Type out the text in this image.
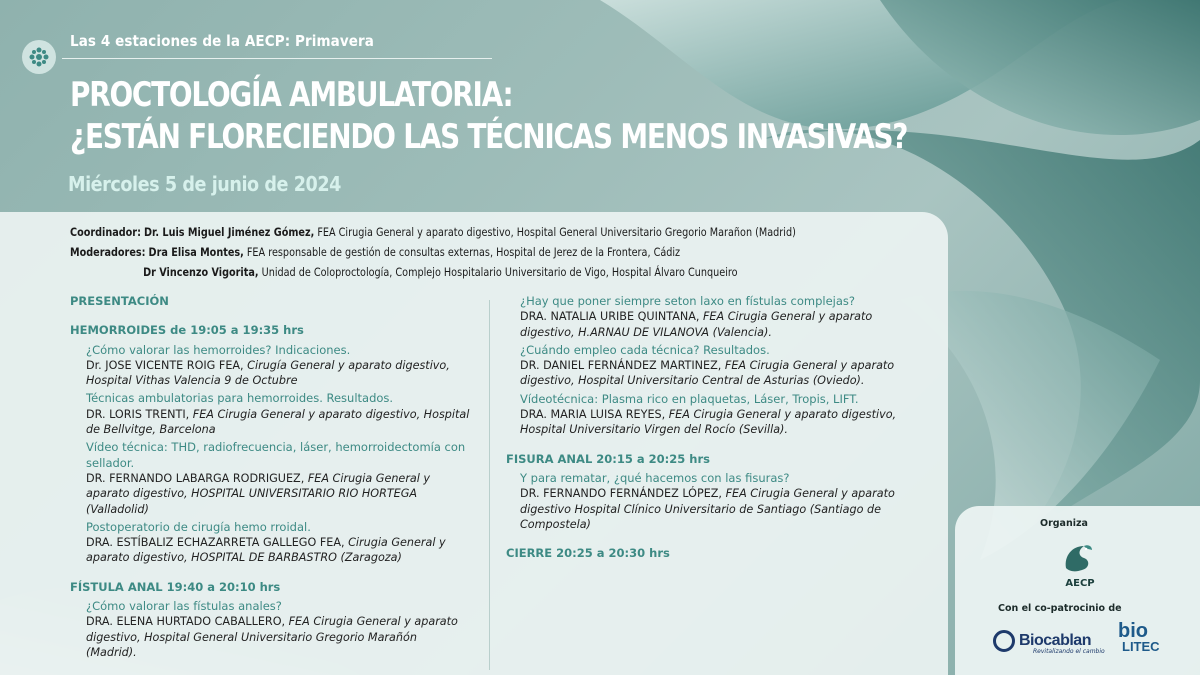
Las 4 estaciones de la AECP: Primavera
PROCTOLOGÍA AMBULATORIA:
¿ESTÁN FLORECIENDO LAS TÉCNICAS MENOS INVASIVAS?
Miércoles 5 de junio de 2024
Coordinador: Dr. Luis Miguel Jiménez Gómez, FEA Cirugia General y aparato digestivo, Hospital General Universitario Gregorio Marañon (Madrid)
Moderadores: Dra Elisa Montes, FEA responsable de gestión de consultas externas, Hospital de Jerez de la Frontera, Cádiz
Dr Vincenzo Vigorita, Unidad de Coloproctología, Complejo Hospitalario Universitario de Vigo, Hospital Álvaro Cunqueiro
PRESENTACIÓN
HEMORROIDES de 19:05 a 19:35 hrs
¿Cómo valorar las hemorroides? Indicaciones.
Dr. JOSE VICENTE ROIG FEA, Cirugía General y aparato digestivo, Hospital Vithas Valencia 9 de Octubre
Técnicas ambulatorias para hemorroides. Resultados.
DR. LORIS TRENTI, FEA Cirugia General y aparato digestivo, Hospital de Bellvitge, Barcelona
Vídeo técnica: THD, radiofrecuencia, láser, hemorroidectomía con sellador.
DR. FERNANDO LABARGA RODRIGUEZ, FEA Cirugia General y aparato digestivo, HOSPITAL UNIVERSITARIO RIO HORTEGA (Valladolid)
Postoperatorio de cirugía hemo rroidal.
DRA. ESTÍBALIZ ECHAZARRETA GALLEGO FEA, Cirugia General y aparato digestivo, HOSPITAL DE BARBASTRO (Zaragoza)
FÍSTULA ANAL 19:40 a 20:10 hrs
¿Cómo valorar las fístulas anales?
DRA. ELENA HURTADO CABALLERO, FEA Cirugia General y aparato digestivo, Hospital General Universitario Gregorio Marañón (Madrid).
¿Hay que poner siempre seton laxo en fístulas complejas?
DRA. NATALIA URIBE QUINTANA, FEA Cirugia General y aparato digestivo, H.ARNAU DE VILANOVA (Valencia).
¿Cuándo empleo cada técnica? Resultados.
DR. DANIEL FERNÁNDEZ MARTINEZ, FEA Cirugia General y aparato digestivo, Hospital Universitario Central de Asturias (Oviedo).
Vídeotécnica: Plasma rico en plaquetas, Láser, Tropis, LIFT.
DRA. MARIA LUISA REYES, FEA Cirugia General y aparato digestivo, Hospital Universitario Virgen del Rocío (Sevilla).
FISURA ANAL 20:15 a 20:25 hrs
Y para rematar, ¿qué hacemos con las fisuras?
DR. FERNANDO FERNÁNDEZ LÓPEZ, FEA Cirugia General y aparato digestivo Hospital Clínico Universitario de Santiago (Santiago de Compostela)
CIERRE 20:25 a 20:30 hrs
Organiza
AECP
Con el co-patrocinio de
Biocablan
Revitalizando el cambio
bio
LITEC
